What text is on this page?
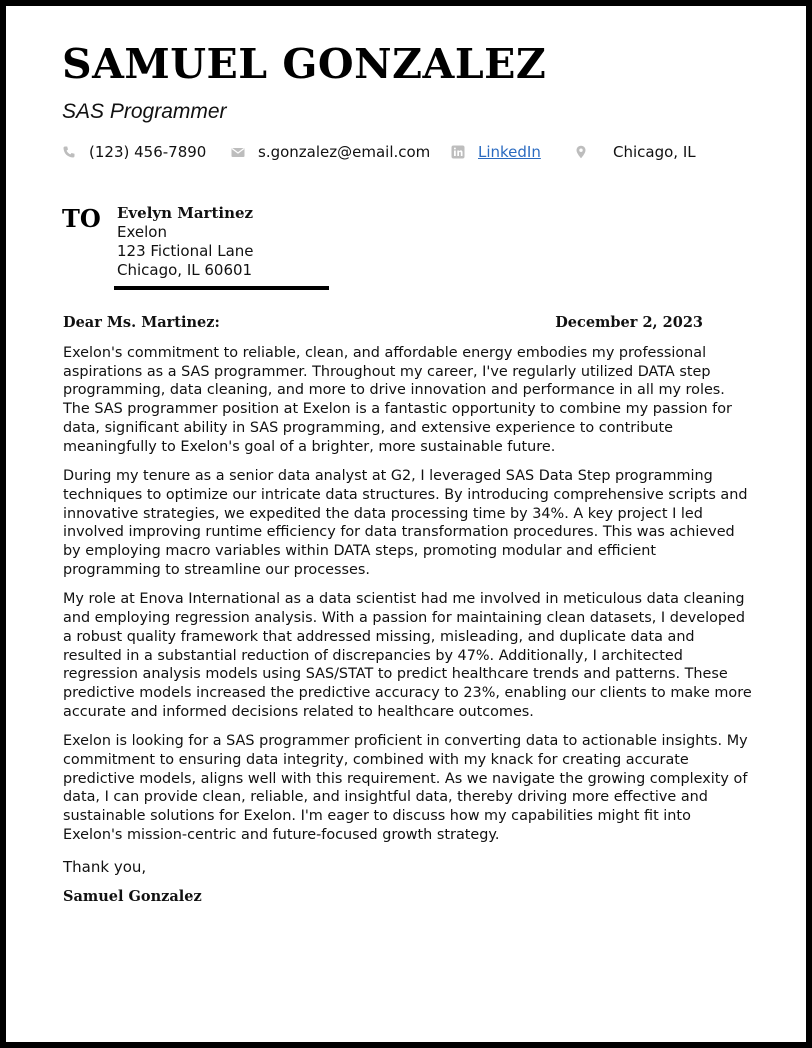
SAMUEL GONZALEZ
SAS Programmer
(123) 456-7890	s.gonzalez@email.com	LinkedIn	Chicago, IL
TO Evelyn Martinez
Exelon
123 Fictional Lane
Chicago, IL 60601
Dear Ms. Martinez:	December 2, 2023

Exelon's commitment to reliable, clean, and affordable energy embodies my professional aspirations as a SAS programmer. Throughout my career, I've regularly utilized DATA step programming, data cleaning, and more to drive innovation and performance in all my roles. The SAS programmer position at Exelon is a fantastic opportunity to combine my passion for data, significant ability in SAS programming, and extensive experience to contribute meaningfully to Exelon's goal of a brighter, more sustainable future.

During my tenure as a senior data analyst at G2, I leveraged SAS Data Step programming techniques to optimize our intricate data structures. By introducing comprehensive scripts and innovative strategies, we expedited the data processing time by 34%. A key project I led involved improving runtime efficiency for data transformation procedures. This was achieved by employing macro variables within DATA steps, promoting modular and efficient programming to streamline our processes.

My role at Enova International as a data scientist had me involved in meticulous data cleaning and employing regression analysis. With a passion for maintaining clean datasets, I developed a robust quality framework that addressed missing, misleading, and duplicate data and resulted in a substantial reduction of discrepancies by 47%. Additionally, I architected regression analysis models using SAS/STAT to predict healthcare trends and patterns. These predictive models increased the predictive accuracy to 23%, enabling our clients to make more accurate and informed decisions related to healthcare outcomes.

Exelon is looking for a SAS programmer proficient in converting data to actionable insights. My commitment to ensuring data integrity, combined with my knack for creating accurate predictive models, aligns well with this requirement. As we navigate the growing complexity of data, I can provide clean, reliable, and insightful data, thereby driving more effective and sustainable solutions for Exelon. I'm eager to discuss how my capabilities might fit into Exelon's mission-centric and future-focused growth strategy.

Thank you,
Samuel Gonzalez
